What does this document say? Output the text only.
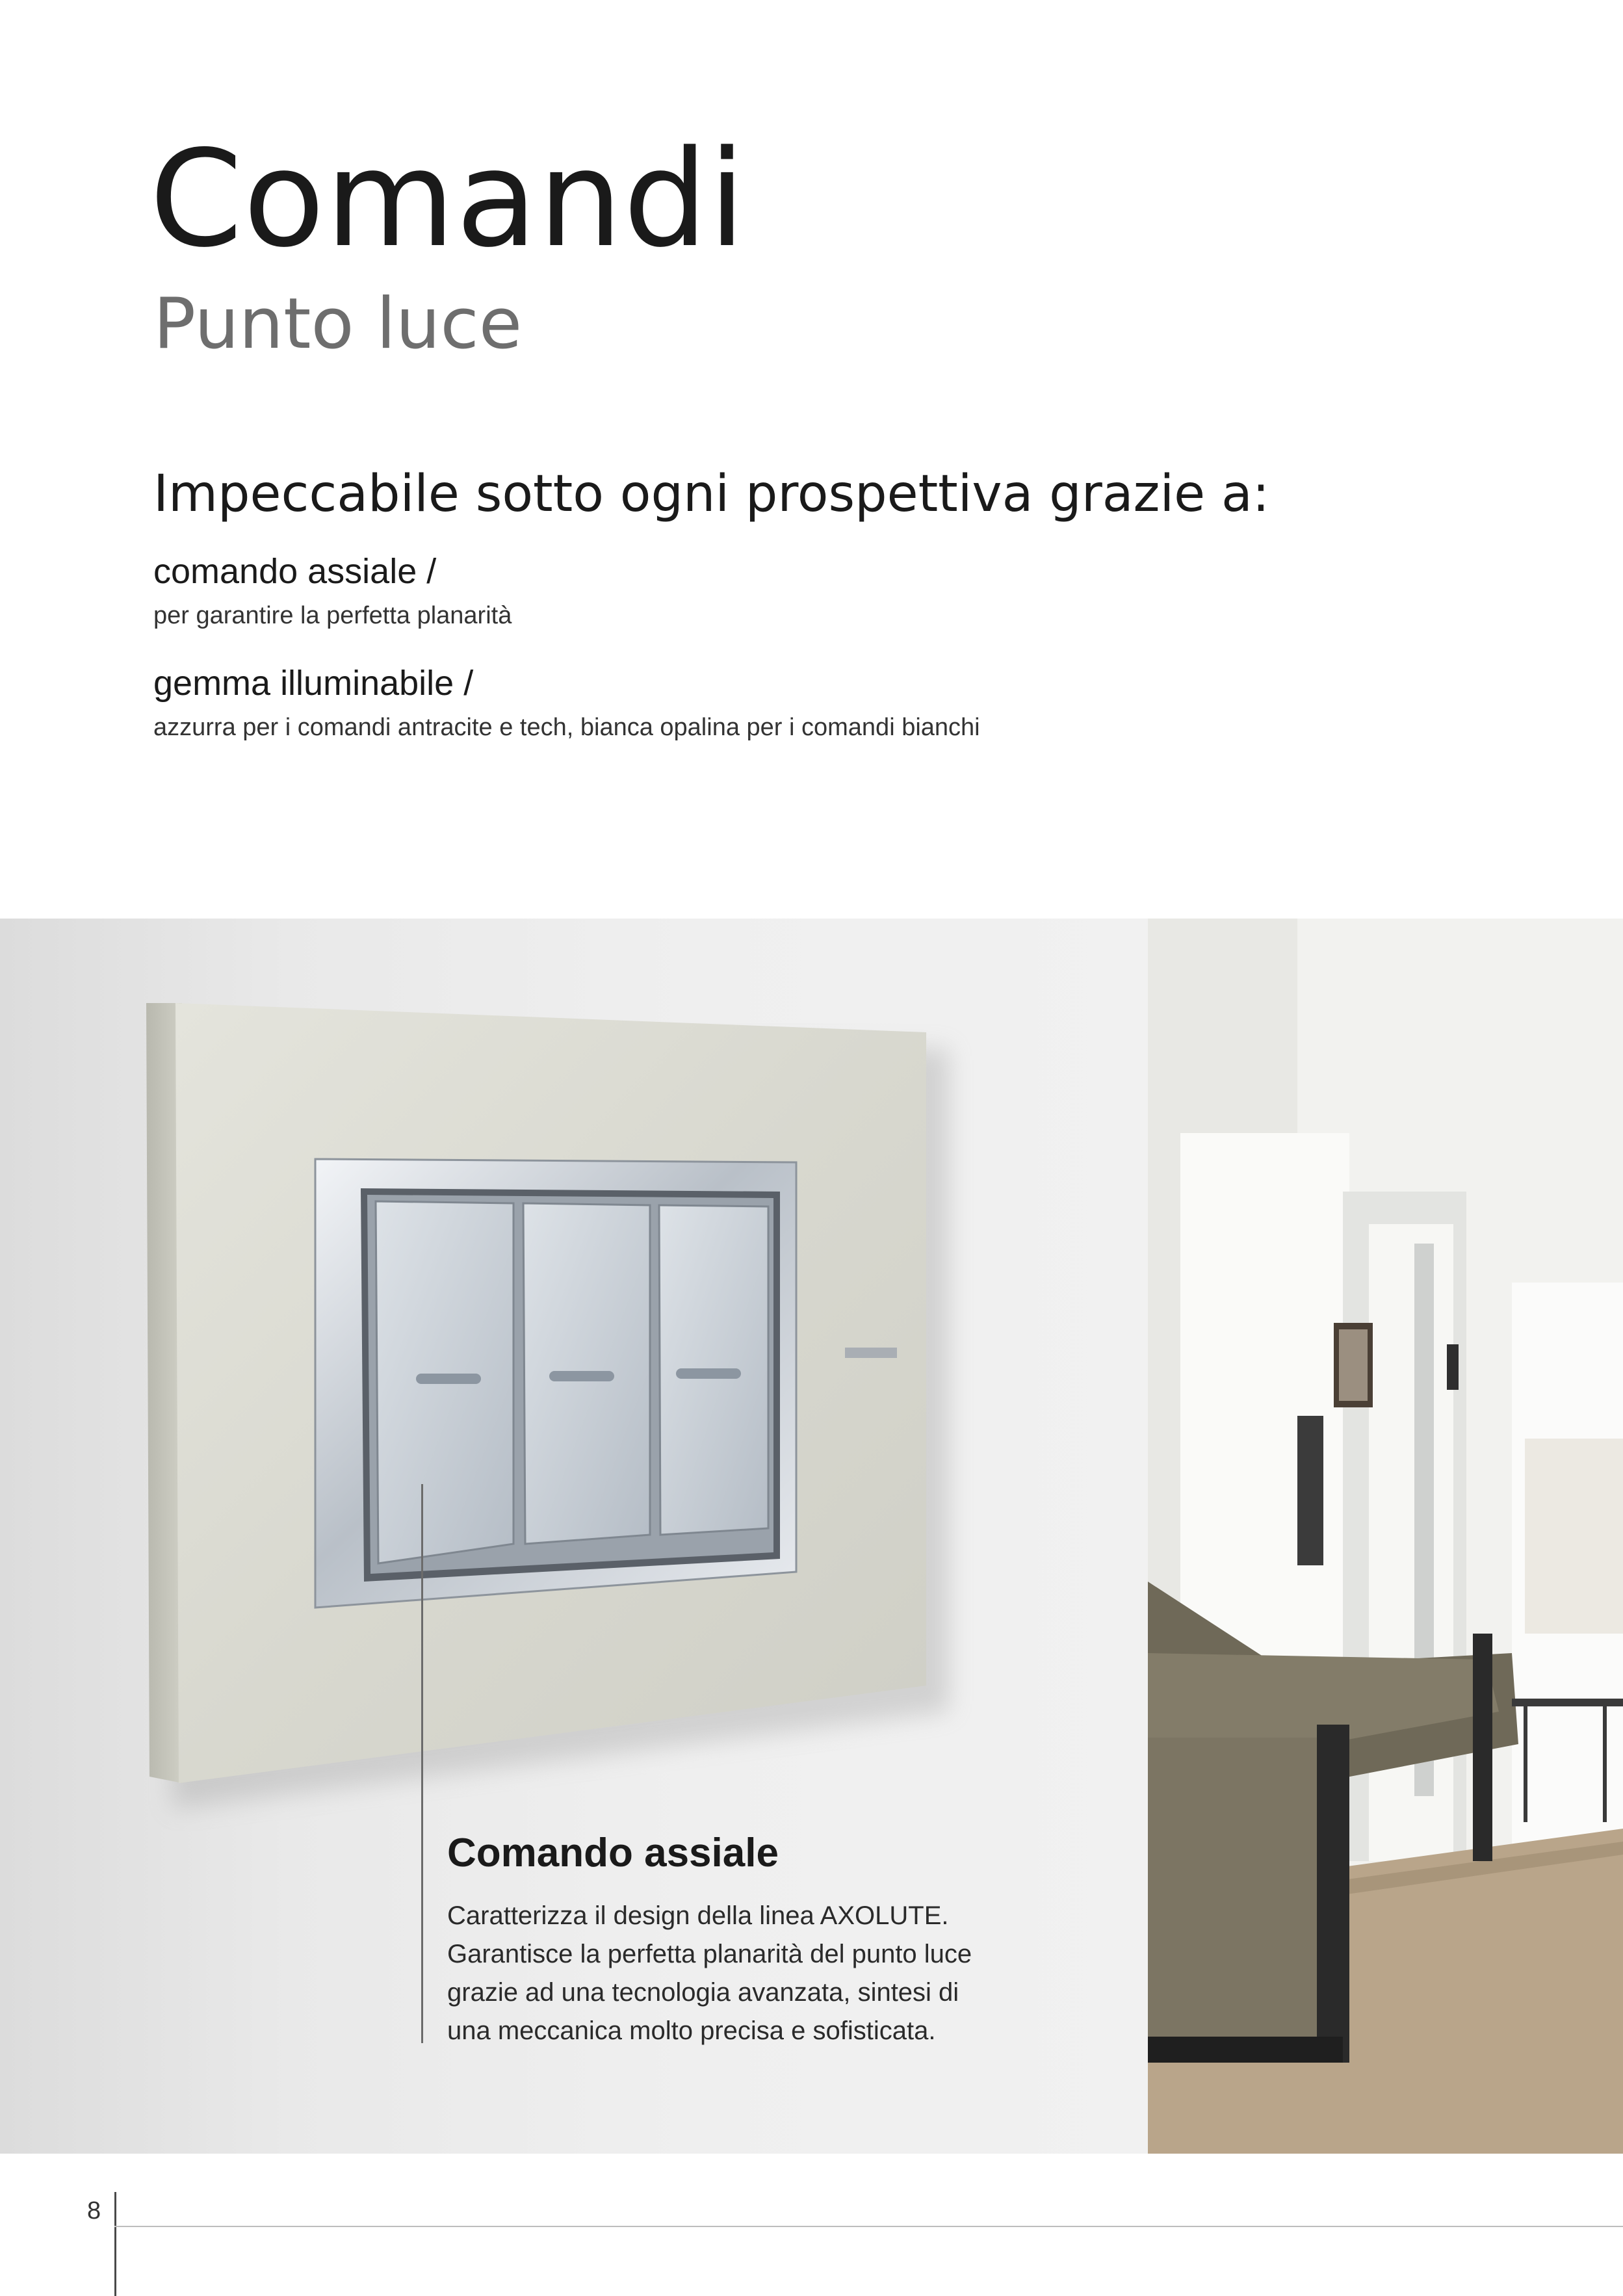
Comandi
Punto luce

Impeccabile sotto ogni prospettiva grazie a:

comando assiale /

per garantire la perfetta planarità

gemma illuminabile /

azzurra per i comandi antracite e tech, bianca opalina per i comandi bianchi

Comando assiale

Caratterizza il design della linea AXOLUTE.
Garantisce la perfetta planarità del punto luce
grazie ad una tecnologia avanzata, sintesi di
una meccanica molto precisa e sofisticata.

8
